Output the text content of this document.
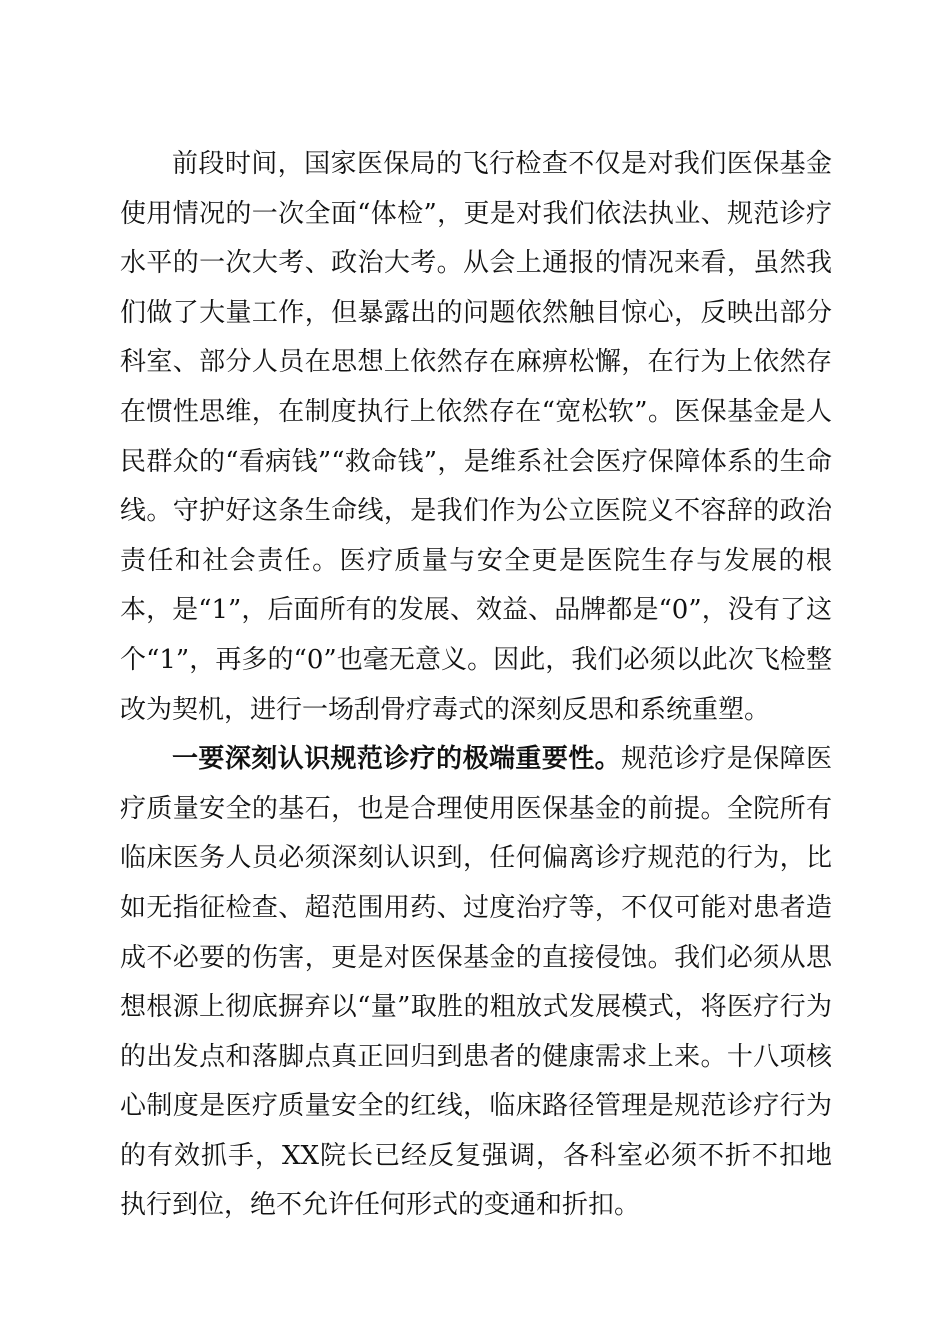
前段时间，国家医保局的飞行检查不仅是对我们医保基金使用情况的一次全面“体检”，更是对我们依法执业、规范诊疗水平的一次大考、政治大考。从会上通报的情况来看，虽然我们做了大量工作，但暴露出的问题依然触目惊心，反映出部分科室、部分人员在思想上依然存在麻痹松懈，在行为上依然存在惯性思维，在制度执行上依然存在“宽松软”。医保基金是人民群众的“看病钱”“救命钱”，是维系社会医疗保障体系的生命线。守护好这条生命线，是我们作为公立医院义不容辞的政治责任和社会责任。医疗质量与安全更是医院生存与发展的根本，是“1”，后面所有的发展、效益、品牌都是“0”，没有了这个“1”，再多的“0”也毫无意义。因此，我们必须以此次飞检整改为契机，进行一场刮骨疗毒式的深刻反思和系统重塑。

一要深刻认识规范诊疗的极端重要性。规范诊疗是保障医疗质量安全的基石，也是合理使用医保基金的前提。全院所有临床医务人员必须深刻认识到，任何偏离诊疗规范的行为，比如无指征检查、超范围用药、过度治疗等，不仅可能对患者造成不必要的伤害，更是对医保基金的直接侵蚀。我们必须从思想根源上彻底摒弃以“量”取胜的粗放式发展模式，将医疗行为的出发点和落脚点真正回归到患者的健康需求上来。十八项核心制度是医疗质量安全的红线，临床路径管理是规范诊疗行为的有效抓手，XX院长已经反复强调，各科室必须不折不扣地执行到位，绝不允许任何形式的变通和折扣。
